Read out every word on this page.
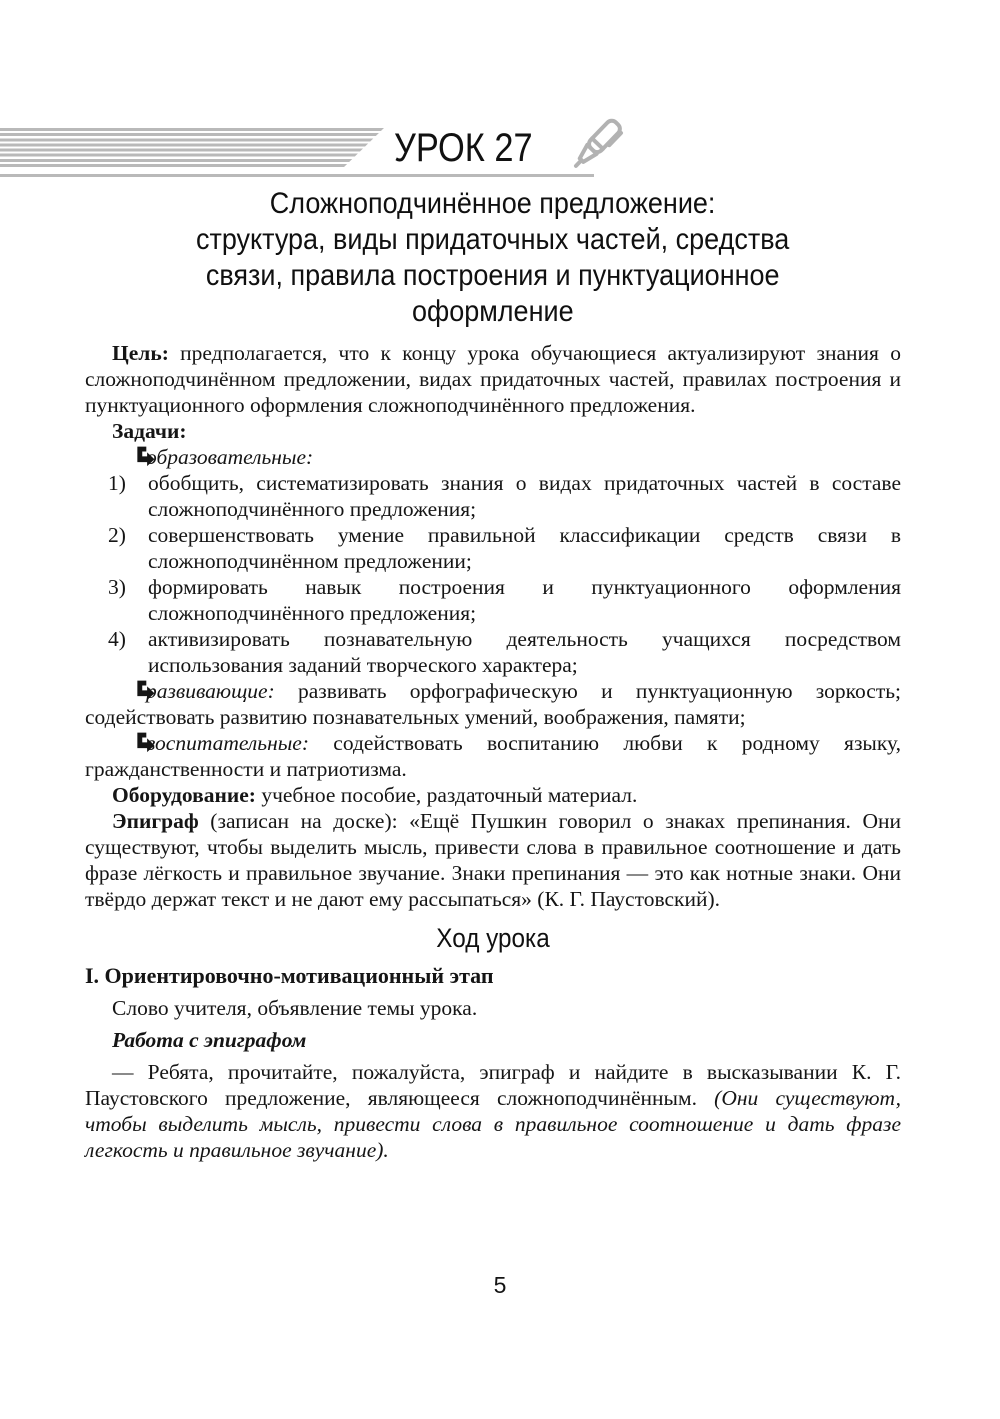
УРОК 27
Сложноподчинённое предложение:
структура, виды придаточных частей, средства
связи, правила построения и пунктуационное
оформление

Цель: предполагается, что к концу урока обучающиеся актуализируют знания о сложноподчинённом предложении, видах придаточных частей, правилах построения и пунктуационного оформления сложноподчинённого предложения.

Задачи:

образовательные:

1) обобщить, систематизировать знания о видах придаточных частей в составе сложноподчинённого предложения;

2) совершенствовать умение правильной классификации средств связи в сложноподчинённом предложении;

3) формировать навык построения и пунктуационного оформления сложноподчинённого предложения;

4) активизировать познавательную деятельность учащихся посредством использования заданий творческого характера;

развивающие: развивать орфографическую и пунктуационную зоркость; содействовать развитию познавательных умений, воображения, памяти;

воспитательные: содействовать воспитанию любви к родному языку, гражданственности и патриотизма.

Оборудование: учебное пособие, раздаточный материал.

Эпиграф (записан на доске): «Ещё Пушкин говорил о знаках препинания. Они существуют, чтобы выделить мысль, привести слова в правильное соотношение и дать фразе лёгкость и правильное звучание. Знаки препинания — это как нотные знаки. Они твёрдо держат текст и не дают ему рассыпаться» (К. Г. Паустовский).

Ход урока
I. Ориентировочно-мотивационный этап

Слово учителя, объявление темы урока.

Работа с эпиграфом

— Ребята, прочитайте, пожалуйста, эпиграф и найдите в высказывании К. Г. Паустовского предложение, являющееся сложноподчинённым. (Они существуют, чтобы выделить мысль, привести слова в правильное соотношение и дать фразе легкость и правильное звучание).

5
